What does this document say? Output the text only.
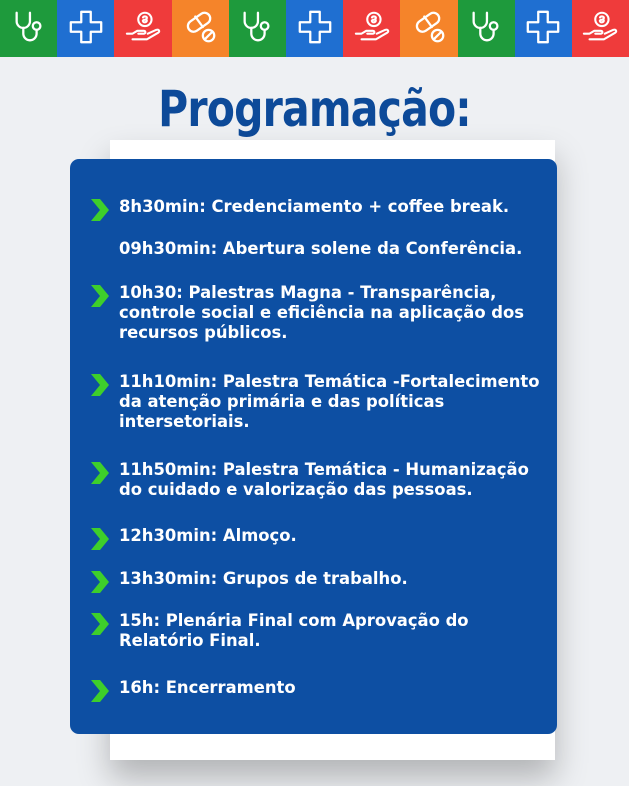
Programação:
8h30min: Credenciamento + coffee break.
09h30min: Abertura solene da Conferência.
10h30: Palestras Magna - Transparência, controle social e eficiência na aplicação dos recursos públicos.
11h10min: Palestra Temática -Fortalecimento da atenção primária e das políticas intersetoriais.
11h50min: Palestra Temática - Humanização do cuidado e valorização das pessoas.
12h30min: Almoço.
13h30min: Grupos de trabalho.
15h: Plenária Final com Aprovação do Relatório Final.
16h: Encerramento
